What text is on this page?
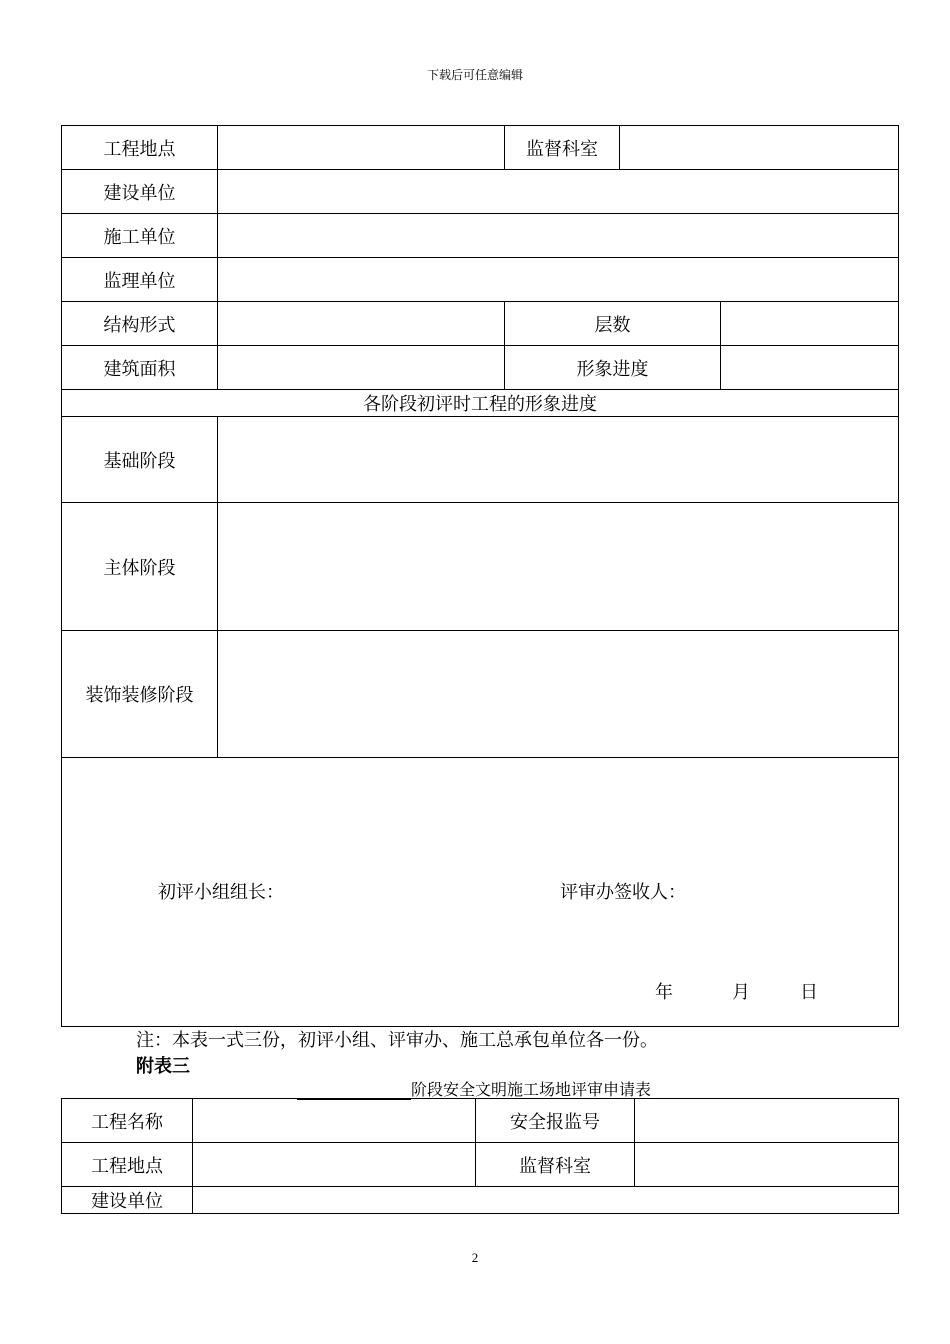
下载后可任意编辑
工程地点		监督科室		
建设单位				
施工单位				
监理单位				
结构形式		层数		
建筑面积		形象进度		
各阶段初评时工程的形象进度				
基础阶段				
主体阶段				
装饰装修阶段				

初评小组组长： 评审办签收人：
年 月 日				
注：本表一式三份，初评小组、评审办、施工总承包单位各一份。
附表三
阶段安全文明施工场地评审申请表
工程名称		安全报监号	
工程地点		监督科室	
建设单位			
2
